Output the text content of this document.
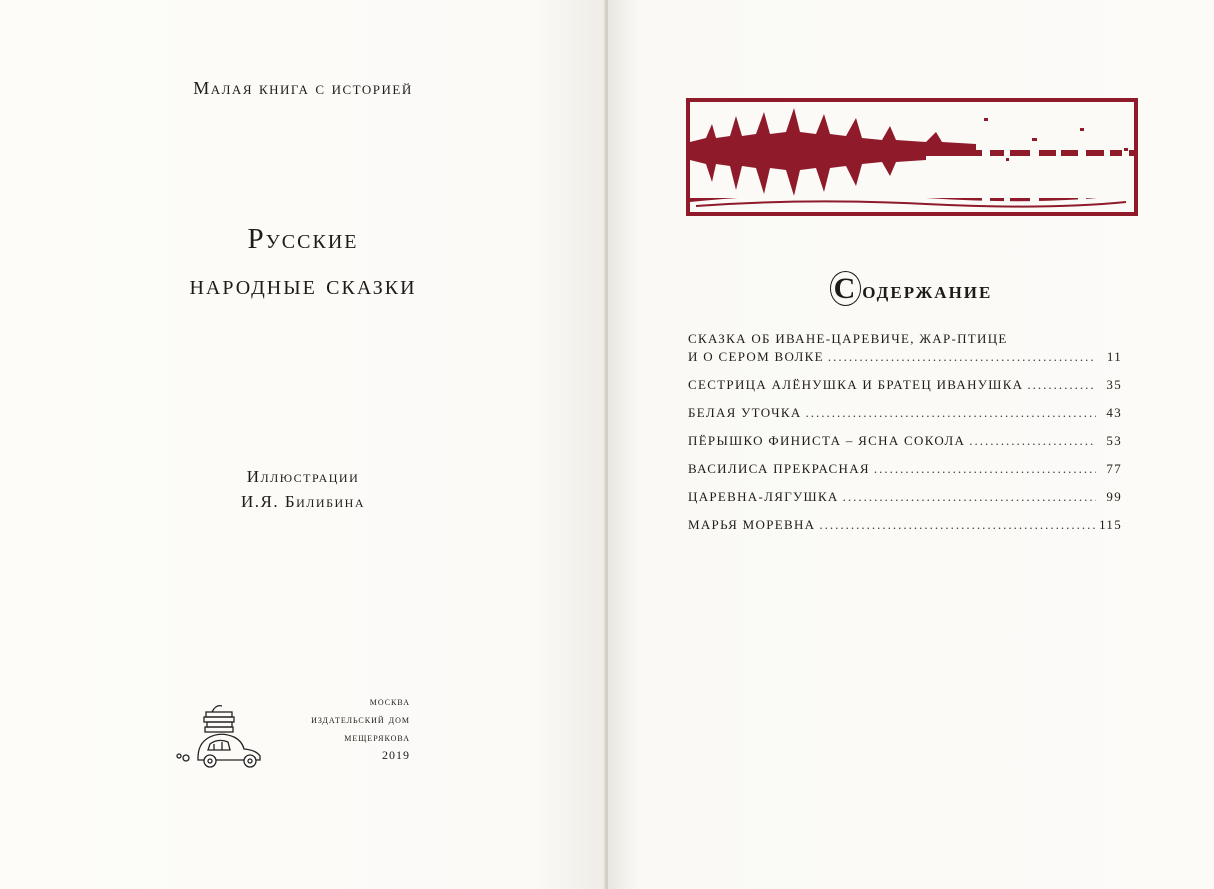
Малая книга с историей
Русские
народные сказки
Иллюстрации
И.Я. Билибина
москва
издательский дом
мещерякова
2019
С одержание
СКАЗКА ОБ ИВАНЕ-ЦАРЕВИЧЕ, ЖАР-ПТИЦЕ
И О СЕРОМ ВОЛКЕ .....	11
СЕСТРИЦА АЛЁНУШКА И БРАТЕЦ ИВАНУШКА .....	35
БЕЛАЯ УТОЧКА .....	43
ПЁРЫШКО ФИНИСТА – ЯСНА СОКОЛА .....	53
ВАСИЛИСА ПРЕКРАСНАЯ .....	77
ЦАРЕВНА-ЛЯГУШКА .....	99
МАРЬЯ МОРЕВНА .....	115
